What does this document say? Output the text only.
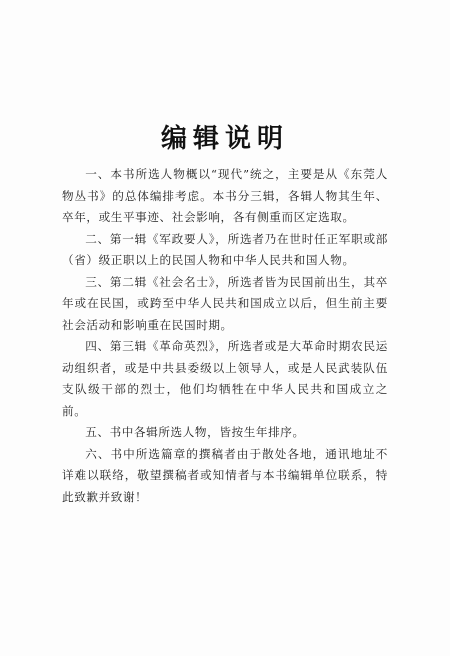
编辑说明

一、本书所选人物概以“现代”统之，主要是从《东莞人物丛书》的总体编排考虑。本书分三辑，各辑人物其生年、卒年，或生平事迹、社会影响，各有侧重而区定选取。

二、第一辑《军政要人》，所选者乃在世时任正军职或部（省）级正职以上的民国人物和中华人民共和国人物。

三、第二辑《社会名士》，所选者皆为民国前出生，其卒年或在民国，或跨至中华人民共和国成立以后，但生前主要社会活动和影响重在民国时期。

四、第三辑《革命英烈》，所选者或是大革命时期农民运动组织者，或是中共县委级以上领导人，或是人民武装队伍支队级干部的烈士，他们均牺牲在中华人民共和国成立之前。

五、书中各辑所选人物，皆按生年排序。

六、书中所选篇章的撰稿者由于散处各地，通讯地址不详难以联络，敬望撰稿者或知情者与本书编辑单位联系，特此致歉并致谢！
